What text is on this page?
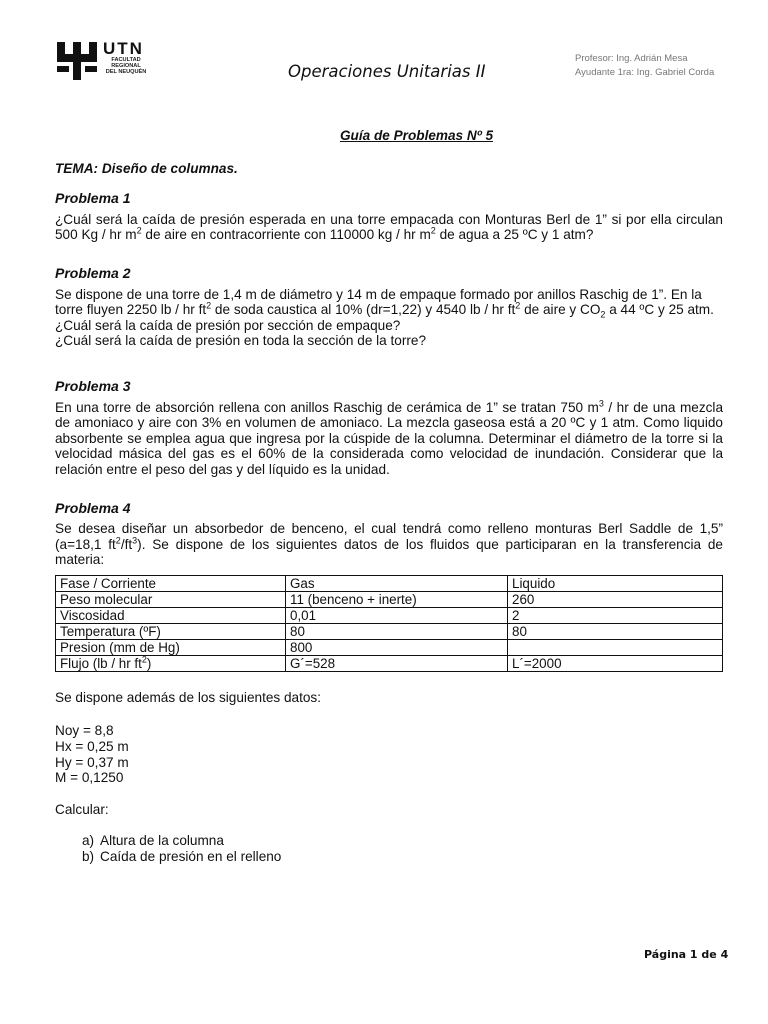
UTN
FACULTAD
REGIONAL
DEL NEUQUÉN	Operaciones Unitarias II
Profesor: Ing. Adrián Mesa
Ayudante 1ra: Ing. Gabriel Corda
Guía de Problemas Nº 5
TEMA: Diseño de columnas.
Problema 1

¿Cuál será la caída de presión esperada en una torre empacada con Monturas Berl de 1” si por ella circulan 500 Kg / hr $m^2$ de aire en contracorriente con 110000 kg / hr $m^2$ de agua a 25 ºC y 1 atm?

Problema 2

Se dispone de una torre de 1,4 m de diámetro y 14 m de empaque formado por anillos Raschig de 1”. En la torre fluyen 2250 lb / hr $ft^2$ de soda caustica al 10% (dr=1,22) y 4540 lb / hr $ft^2$ de aire y $CO_2$ a 44 ºC y 25 atm.

¿Cuál será la caída de presión por sección de empaque?

¿Cuál será la caída de presión en toda la sección de la torre?

Problema 3

En una torre de absorción rellena con anillos Raschig de cerámica de 1” se tratan 750 $m^3$ / hr de una mezcla de amoniaco y aire con 3% en volumen de amoniaco. La mezcla gaseosa está a 20 ºC y 1 atm. Como liquido absorbente se emplea agua que ingresa por la cúspide de la columna. Determinar el diámetro de la torre si la velocidad másica del gas es el 60% de la considerada como velocidad de inundación. Considerar que la relación entre el peso del gas y del líquido es la unidad.

Problema 4

Se desea diseñar un absorbedor de benceno, el cual tendrá como relleno monturas Berl Saddle de 1,5” (a=18,1 $ft^2/ft^3$). Se dispone de los siguientes datos de los fluidos que participaran en la transferencia de materia:

Fase / Corriente	Gas	Liquido
Peso molecular	11 (benceno + inerte)	260
Viscosidad	0,01	2
Temperatura (ºF)	80	80
Presion (mm de Hg)	800	
Flujo (lb / hr $ft^2$)	G´=528	L´=2000

Se dispone además de los siguientes datos:

Noy = 8,8

Hx = 0,25 m

Hy = 0,37 m

M = 0,1250

Calcular:

a) Altura de la columna
b) Caída de presión en el relleno
Página 1 de 4
